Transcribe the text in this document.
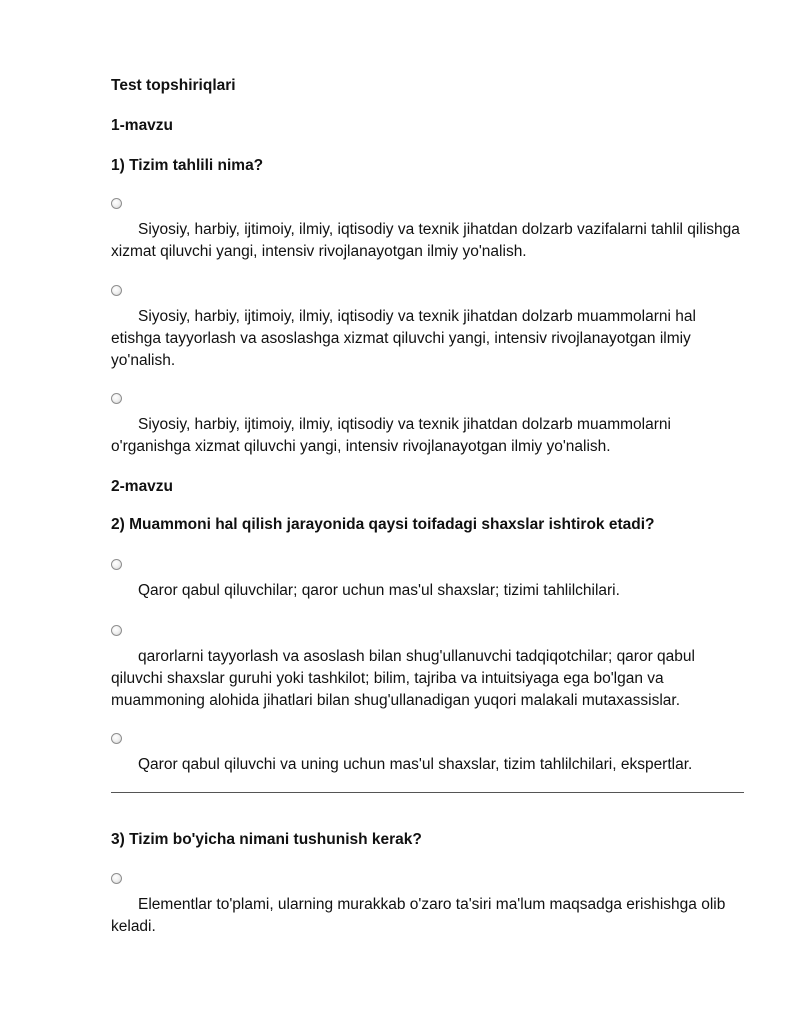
Test topshiriqlari
1-mavzu
1) Tizim tahlili nima?

Siyosiy, harbiy, ijtimoiy, ilmiy, iqtisodiy va texnik jihatdan dolzarb vazifalarni tahlil qilishga xizmat qiluvchi yangi, intensiv rivojlanayotgan ilmiy yo'nalish.

Siyosiy, harbiy, ijtimoiy, ilmiy, iqtisodiy va texnik jihatdan dolzarb muammolarni hal etishga tayyorlash va asoslashga xizmat qiluvchi yangi, intensiv rivojlanayotgan ilmiy yo'nalish.

Siyosiy, harbiy, ijtimoiy, ilmiy, iqtisodiy va texnik jihatdan dolzarb muammolarni o'rganishga xizmat qiluvchi yangi, intensiv rivojlanayotgan ilmiy yo'nalish.

2-mavzu
2) Muammoni hal qilish jarayonida qaysi toifadagi shaxslar ishtirok etadi?

Qaror qabul qiluvchilar; qaror uchun mas'ul shaxslar; tizimi tahlilchilari.

qarorlarni tayyorlash va asoslash bilan shug'ullanuvchi tadqiqotchilar; qaror qabul qiluvchi shaxslar guruhi yoki tashkilot; bilim, tajriba va intuitsiyaga ega bo'lgan va muammoning alohida jihatlari bilan shug'ullanadigan yuqori malakali mutaxassislar.

Qaror qabul qiluvchi va uning uchun mas'ul shaxslar, tizim tahlilchilari, ekspertlar.

3) Tizim bo'yicha nimani tushunish kerak?

Elementlar to'plami, ularning murakkab o'zaro ta'siri ma'lum maqsadga erishishga olib keladi.
